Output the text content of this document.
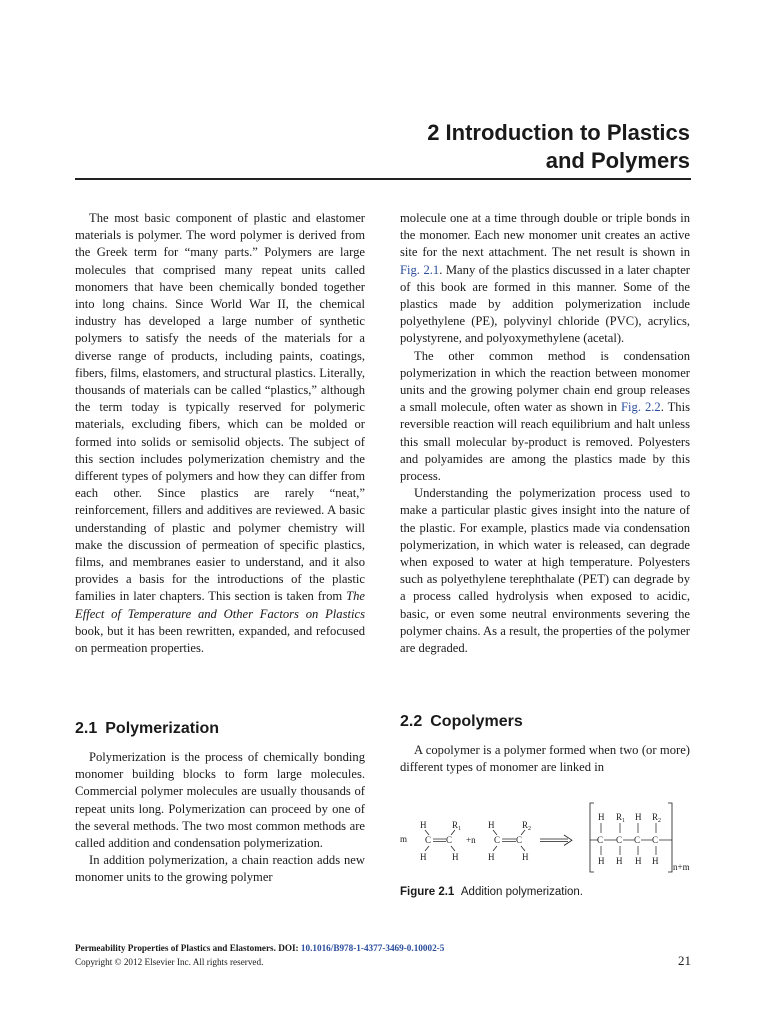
2 Introduction to Plastics
and Polymers

The most basic component of plastic and elastomer materials is polymer. The word polymer is derived from the Greek term for “many parts.” Polymers are large molecules that comprised many repeat units called monomers that have been chemically bonded together into long chains. Since World War II, the chemical industry has developed a large number of synthetic polymers to satisfy the needs of the materials for a diverse range of products, including paints, coatings, fibers, films, elastomers, and structural plastics. Literally, thousands of materials can be called “plastics,” although the term today is typically reserved for polymeric materials, excluding fibers, which can be molded or formed into solids or semisolid objects. The subject of this section includes polymerization chemistry and the different types of polymers and how they can differ from each other. Since plastics are rarely “neat,” reinforcement, fillers and additives are reviewed. A basic understanding of plastic and polymer chemistry will make the discussion of permeation of specific plastics, films, and membranes easier to understand, and it also provides a basis for the introductions of the plastic families in later chapters. This section is taken from The Effect of Temperature and Other Factors on Plastics book, but it has been rewritten, expanded, and refocused on permeation properties.

molecule one at a time through double or triple bonds in the monomer. Each new monomer unit creates an active site for the next attachment. The net result is shown in Fig. 2.1. Many of the plastics discussed in a later chapter of this book are formed in this manner. Some of the plastics made by addition polymerization include polyethylene (PE), polyvinyl chloride (PVC), acrylics, polystyrene, and polyoxymethylene (acetal).

The other common method is condensation polymerization in which the reaction between monomer units and the growing polymer chain end group releases a small molecule, often water as shown in Fig. 2.2. This reversible reaction will reach equilibrium and halt unless this small molecular by-product is removed. Polyesters and polyamides are among the plastics made by this process.

Understanding the polymerization process used to make a particular plastic gives insight into the nature of the plastic. For example, plastics made via condensation polymerization, in which water is released, can degrade when exposed to water at high temperature. Polyesters such as polyethylene terephthalate (PET) can degrade by a process called hydrolysis when exposed to acidic, basic, or even some neutral environments severing the polymer chains. As a result, the properties of the polymer are degraded.

2.1 Polymerization

Polymerization is the process of chemically bonding monomer building blocks to form large molecules. Commercial polymer molecules are usually thousands of repeat units long. Polymerization can proceed by one of the several methods. The two most common methods are called addition and condensation polymerization.

In addition polymerization, a chain reaction adds new monomer units to the growing polymer

2.2 Copolymers

A copolymer is a polymer formed when two (or more) different types of monomer are linked in

m
H	$R_1$
C C
H	H
+n
H	$R_2$
C C
H	H
H $R_1$ H $R_2$
C C C C
H H H H
n+m
Figure 2.1 Addition polymerization.
Permeability Properties of Plastics and Elastomers. DOI: 10.1016/B978-1-4377-3469-0.10002-5
Copyright © 2012 Elsevier Inc. All rights reserved.	21
